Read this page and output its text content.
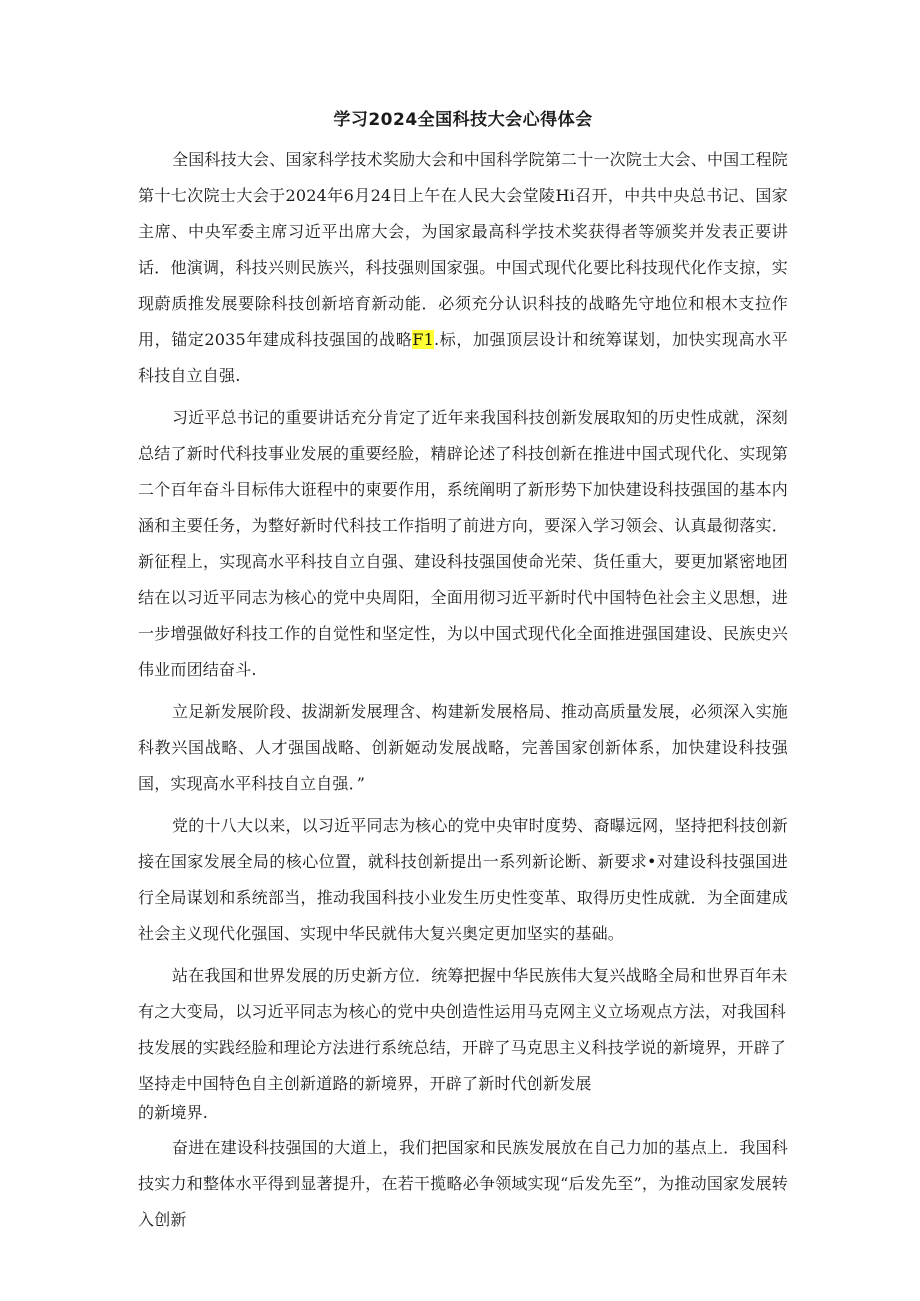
学习2024全国科技大会心得体会

全国科技大会、国家科学技术奖励大会和中国科学院第二十一次院士大会、中国工程院第十七次院士大会于2024年6月24日上午在人民大会堂陵Hi召开，中共中央总书记、国家主席、中央军委主席习近平出席大会，为国家最高科学技术奖获得者等颁奖并发表正要讲话．他演调，科技兴则民族兴，科技强则国家强。中国式现代化要比科技现代化作支掠，实现蔚质推发展要除科技创新培育新动能．必须充分认识科技的战略先守地位和根木支拉作用，锚定2035年建成科技强国的战略F1.标，加强顶层设计和统筹谋划，加快实现高水平科技自立自强.

习近平总书记的重要讲话充分肯定了近年来我国科技创新发展取知的历史性成就，深刻总结了新时代科技事业发展的重要经脸，精辟论述了科技创新在推进中国式现代化、实现第二个百年奋斗目标伟大诳程中的柬要作用，系统阐明了新形势下加快建设科技强国的基本内涵和主要任务，为整好新时代科技工作指明了前进方向，要深入学习领会、认真最彻落实．新征程上，实现高水平科技自立自强、建设科技强国使命光荣、货任重大，要更加紧密地团结在以习近平同志为核心的党中央周阳，全面用彻习近平新时代中国特色社会主义思想，进一步增强做好科技工作的自觉性和坚定性，为以中国式现代化全面推进强国建设、民族史兴伟业而团结奋斗.

立足新发展阶段、拔湖新发展理含、构建新发展格局、推动高质量发展，必须深入实施科教兴国战略、人才强国战略、创新姬动发展战略，完善国家创新体系，加快建设科技强国，实现高水平科技自立自强．”

党的十八大以来，以习近平同志为核心的党中央审时度势、裔曝远网，坚持把科技创新接在国家发展全局的核心位置，就科技创新提出一系列新论断、新要求•对建设科技强国进行全局谋划和系统部当，推动我国科技小业发生历史性变革、取得历史性成就．为全面建成社会主义现代化强国、实现中华民就伟大复兴奥定更加坚实的基础。

站在我国和世界发展的历史新方位．统筹把握中华民族伟大复兴战略全局和世界百年未有之大变局，以习近平同志为核心的党中央创造性运用马克网主义立场观点方法，对我国科技发展的实践经脸和理论方法进行系统总结，开辟了马克思主义科技学说的新境界，开辟了坚持走中国特色自主创新道路的新境界，开辟了新时代创新发展
的新境界.

奋进在建设科技强国的大道上，我们把国家和民族发展放在自己力加的基点上．我国科技实力和整体水平得到显著提升，在若干揽略必争领域实现“后发先至”，为推动国家发展转入创新
